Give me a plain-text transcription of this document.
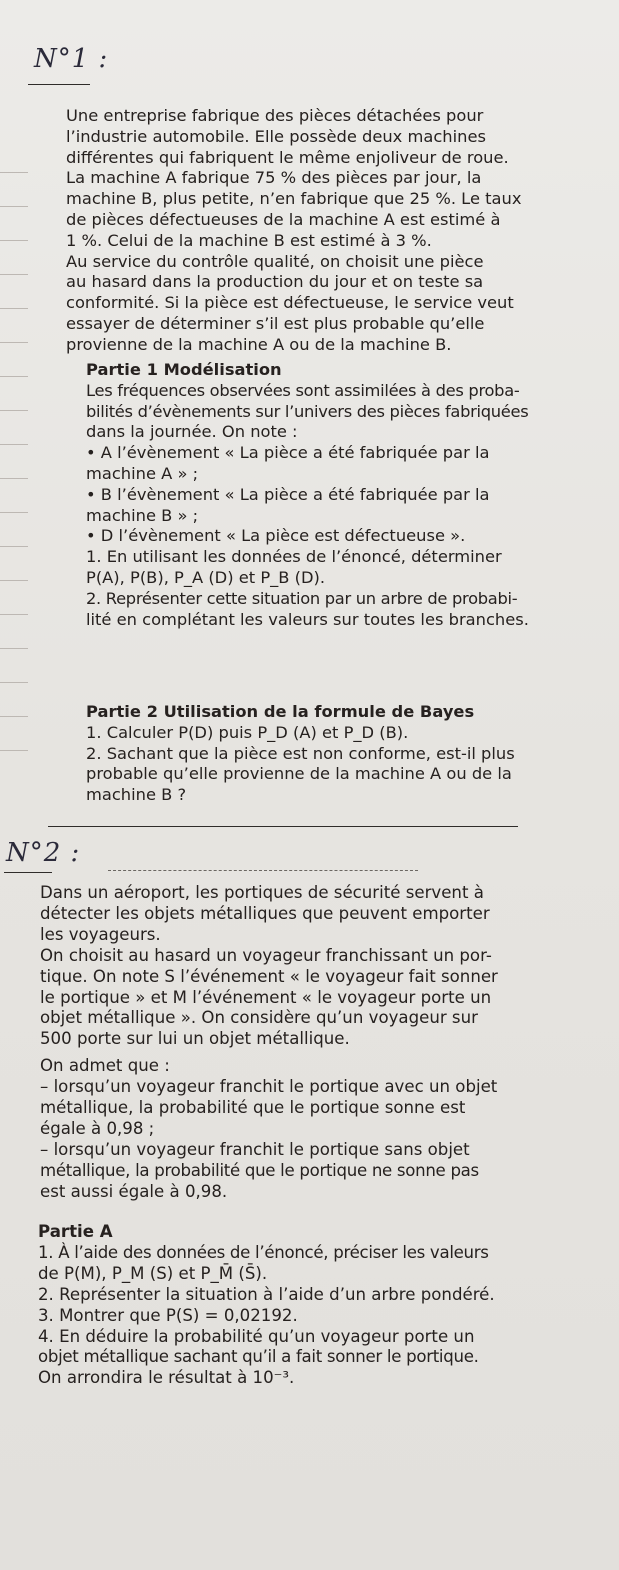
N°1 :

Une entreprise fabrique des pièces détachées pour

l’industrie automobile. Elle possède deux machines

différentes qui fabriquent le même enjoliveur de roue.

La machine A fabrique 75 % des pièces par jour, la

machine B, plus petite, n’en fabrique que 25 %. Le taux

de pièces défectueuses de la machine A est estimé à

1 %. Celui de la machine B est estimé à 3 %.

Au service du contrôle qualité, on choisit une pièce

au hasard dans la production du jour et on teste sa

conformité. Si la pièce est défectueuse, le service veut

essayer de déterminer s’il est plus probable qu’elle

provienne de la machine A ou de la machine B.

Partie 1 Modélisation

Les fréquences observées sont assimilées à des proba-

bilités d’évènements sur l’univers des pièces fabriquées

dans la journée. On note :

• A l’évènement « La pièce a été fabriquée par la

machine A » ;

• B l’évènement « La pièce a été fabriquée par la

machine B » ;

• D l’évènement « La pièce est défectueuse ».

1. En utilisant les données de l’énoncé, déterminer

P(A), P(B), P_A (D) et P_B (D).

2. Représenter cette situation par un arbre de probabi-

lité en complétant les valeurs sur toutes les branches.

Partie 2 Utilisation de la formule de Bayes

1. Calculer P(D) puis P_D (A) et P_D (B).

2. Sachant que la pièce est non conforme, est-il plus

probable qu’elle provienne de la machine A ou de la

machine B ?

N°2 :

Dans un aéroport, les portiques de sécurité servent à

détecter les objets métalliques que peuvent emporter

les voyageurs.

On choisit au hasard un voyageur franchissant un por-

tique. On note S l’événement « le voyageur fait sonner

le portique » et M l’événement « le voyageur porte un

objet métallique ». On considère qu’un voyageur sur

500 porte sur lui un objet métallique.

On admet que :

– lorsqu’un voyageur franchit le portique avec un objet

métallique, la probabilité que le portique sonne est

égale à 0,98 ;

– lorsqu’un voyageur franchit le portique sans objet

métallique, la probabilité que le portique ne sonne pas

est aussi égale à 0,98.

Partie A

1. À l’aide des données de l’énoncé, préciser les valeurs

de P(M), P_M (S) et P_M̄ (S̄).

2. Représenter la situation à l’aide d’un arbre pondéré.

3. Montrer que P(S) = 0,02192.

4. En déduire la probabilité qu’un voyageur porte un

objet métallique sachant qu’il a fait sonner le portique.

On arrondira le résultat à 10⁻³.
